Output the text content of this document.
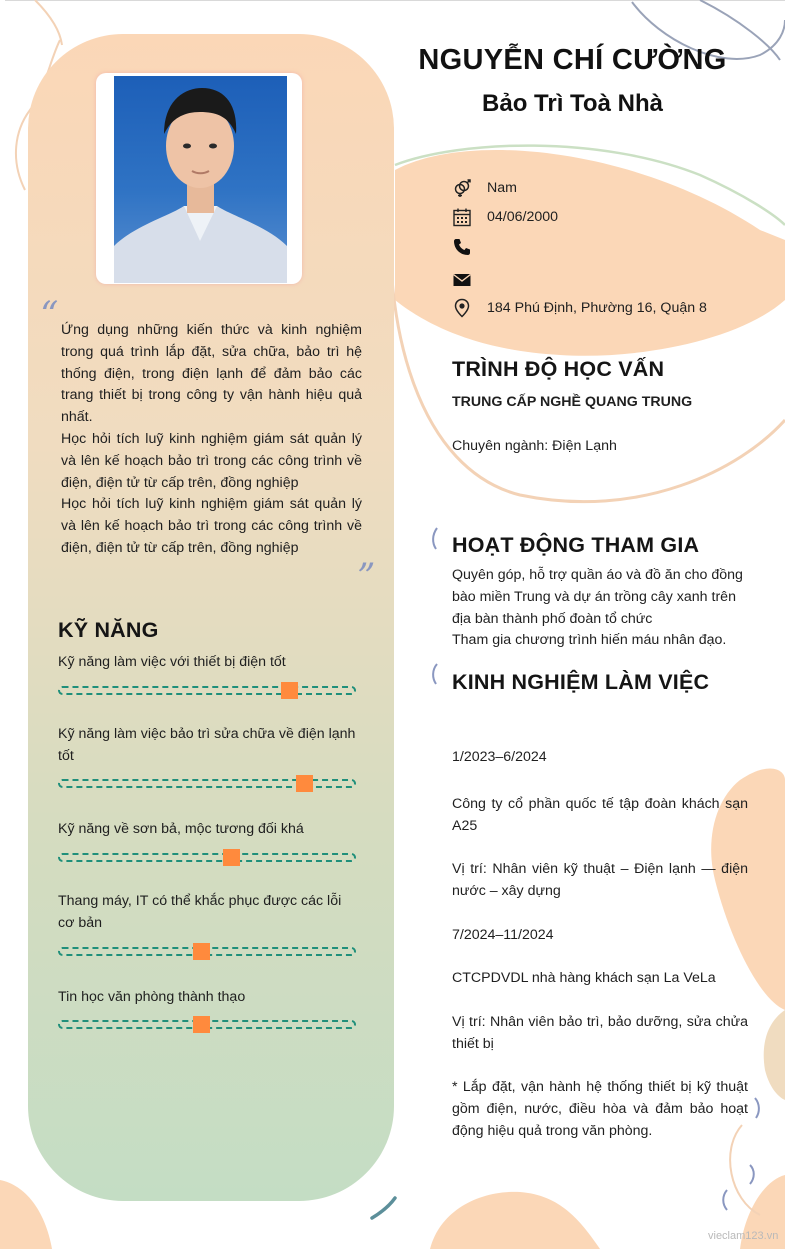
“
”

Ứng dụng những kiến thức và kinh nghiệm trong quá trình lắp đặt, sửa chữa, bảo trì hệ thống điện, trong điện lạnh để đảm bảo các trang thiết bị trong công ty vận hành hiệu quả nhất.

Học hỏi tích luỹ kinh nghiệm giám sát quản lý và lên kế hoạch bảo trì trong các công trình về điện, điện tử từ cấp trên, đồng nghiệp

Học hỏi tích luỹ kinh nghiệm giám sát quản lý và lên kế hoạch bảo trì trong các công trình về điện, điện tử từ cấp trên, đồng nghiệp

KỸ NĂNG
Kỹ năng làm việc với thiết bị điện tốt
Kỹ năng làm việc bảo trì sửa chữa về điện lạnh tốt
Kỹ năng về sơn bả, mộc tương đối khá
Thang máy, IT có thể khắc phục được các lỗi cơ bản
Tin học văn phòng thành thạo
NGUYỄN CHÍ CƯỜNG
Bảo Trì Toà Nhà
Nam
04/06/2000
184 Phú Định, Phường 16, Quận 8
TRÌNH ĐỘ HỌC VẤN
TRUNG CẤP NGHỀ QUANG TRUNG
Chuyên ngành: Điện Lạnh
HOẠT ĐỘNG THAM GIA
Quyên góp, hỗ trợ quần áo và đồ ăn cho đồng bào miền Trung và dự án trồng cây xanh trên địa bàn thành phố đoàn tổ chức
Tham gia chương trình hiến máu nhân đạo.
KINH NGHIỆM LÀM VIỆC
1/2023–6/2024
Công ty cổ phần quốc tế tập đoàn khách sạn A25
Vị trí: Nhân viên kỹ thuật – Điện lạnh — điện nước – xây dựng
7/2024–11/2024
CTCPDVDL nhà hàng khách sạn La VeLa
Vị trí: Nhân viên bảo trì, bảo dưỡng, sửa chửa thiết bị
* Lắp đặt, vận hành hệ thống thiết bị kỹ thuật gồm điện, nước, điều hòa và đảm bảo hoạt động hiệu quả trong văn phòng.
vieclam123.vn
